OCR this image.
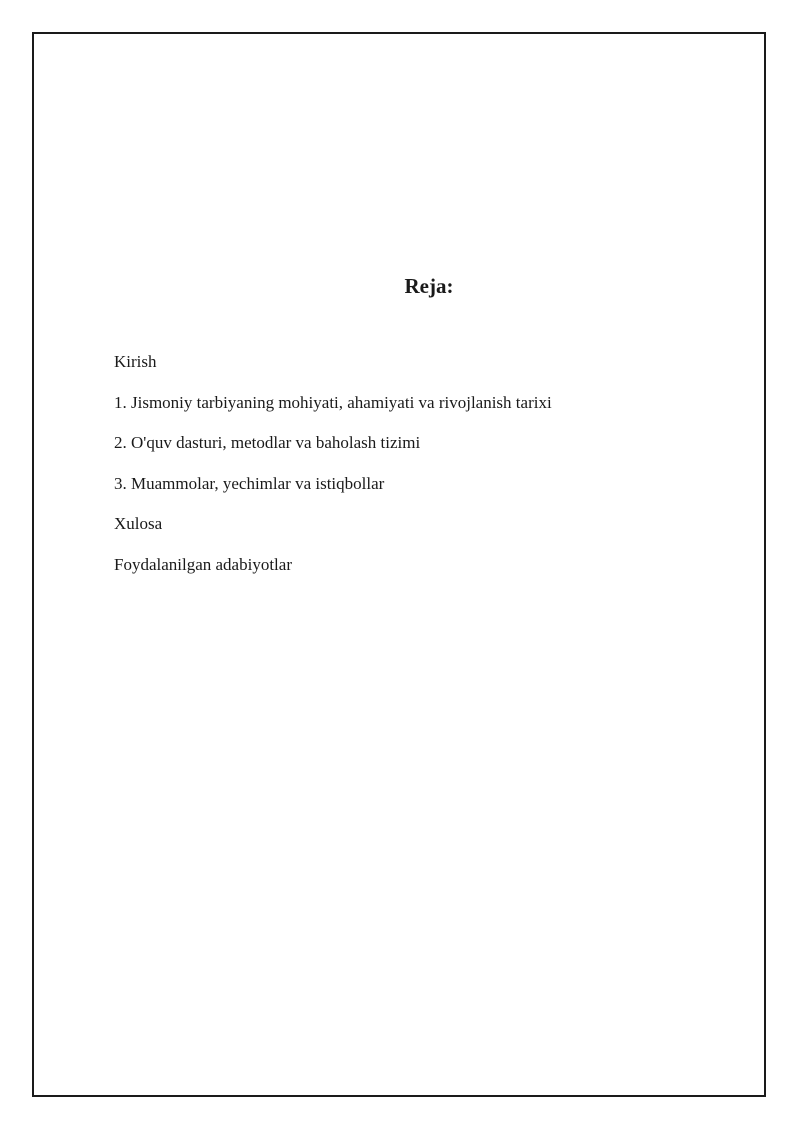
Reja:
Kirish
1. Jismoniy tarbiyaning mohiyati, ahamiyati va rivojlanish tarixi
2. O'quv dasturi, metodlar va baholash tizimi
3. Muammolar, yechimlar va istiqbollar
Xulosa
Foydalanilgan adabiyotlar
